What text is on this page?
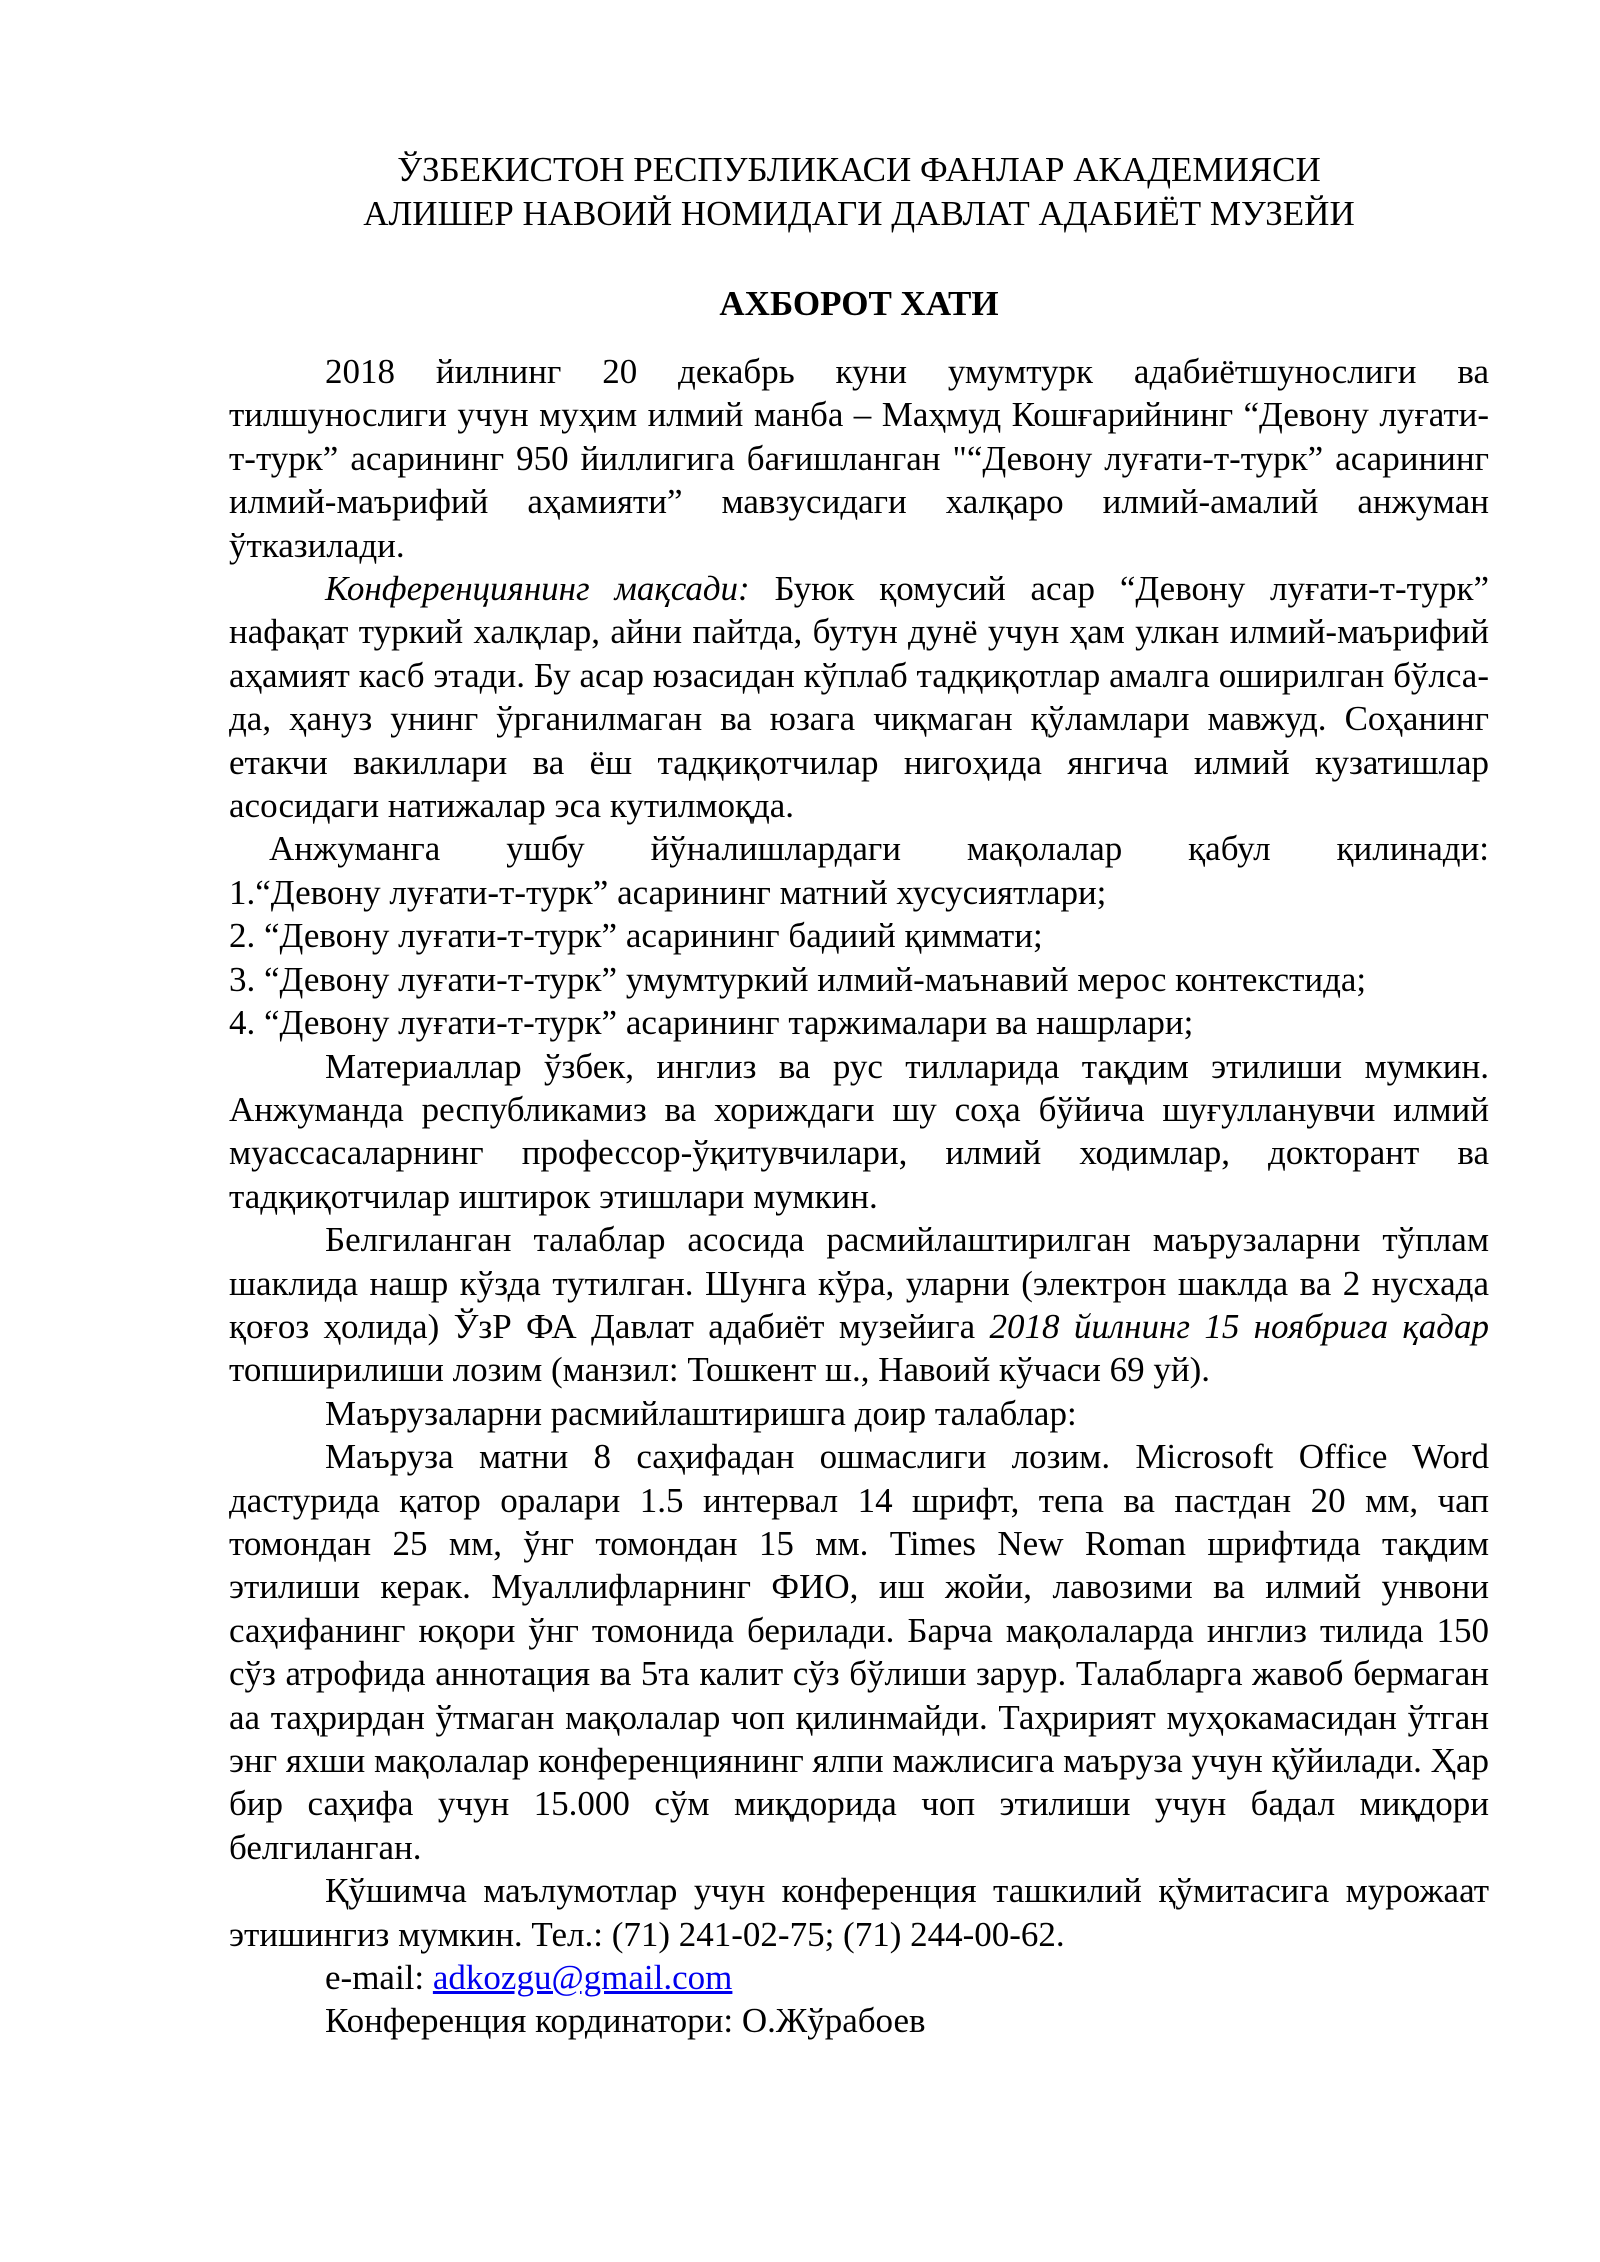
ЎЗБЕКИСТОН РЕСПУБЛИКАСИ ФАНЛАР АКАДЕМИЯСИ
АЛИШЕР НАВОИЙ НОМИДАГИ ДАВЛАТ АДАБИЁТ МУЗЕЙИ
АХБОРОТ ХАТИ

2018 йилнинг 20 декабрь куни умумтурк адабиётшунослиги ва тилшунослиги учун муҳим илмий манба – Маҳмуд Кошғарийнинг “Девону луғати-т-турк” асарининг 950 йиллигига бағишланган "“Девону луғати-т-турк” асарининг илмий-маърифий аҳамияти” мавзусидаги халқаро илмий-амалий анжуман ўтказилади.

Конференциянинг мақсади: Буюк қомусий асар “Девону луғати-т-турк” нафақат туркий халқлар, айни пайтда, бутун дунё учун ҳам улкан илмий-маърифий аҳамият касб этади. Бу асар юзасидан кўплаб тадқиқотлар амалга оширилган бўлса-да, ҳануз унинг ўрганилмаган ва юзага чиқмаган қўламлари мавжуд. Соҳанинг етакчи вакиллари ва ёш тадқиқотчилар нигоҳида янгича илмий кузатишлар асосидаги натижалар эса кутилмоқда.

Анжуманга ушбу йўналишлардаги мақолалар қабул қилинади:

1.“Девону луғати-т-турк” асарининг матний хусусиятлари;
2. “Девону луғати-т-турк” асарининг бадиий қиммати;
3. “Девону луғати-т-турк” умумтуркий илмий-маънавий мерос контекстида;
4. “Девону луғати-т-турк” асарининг таржималари ва нашрлари;

Материаллар ўзбек, инглиз ва рус тилларида тақдим этилиши мумкин. Анжуманда республикамиз ва хориждаги шу соҳа бўйича шуғулланувчи илмий муассасаларнинг профессор-ўқитувчилари, илмий ходимлар, докторант ва тадқиқотчилар иштирок этишлари мумкин.

Белгиланган талаблар асосида расмийлаштирилган маърузаларни тўплам шаклида нашр кўзда тутилган. Шунга кўра, уларни (электрон шаклда ва 2 нусхада қоғоз ҳолида) ЎзР ФА Давлат адабиёт музейига 2018 йилнинг 15 ноябрига қадар топширилиши лозим (манзил: Тошкент ш., Навоий кўчаси 69 уй).

Маърузаларни расмийлаштиришга доир талаблар:

Маъруза матни 8 саҳифадан ошмаслиги лозим. Microsoft Office Word дастурида қатор оралари 1.5 интервал 14 шрифт, тепа ва пастдан 20 мм, чап томондан 25 мм, ўнг томондан 15 мм. Times New Roman шрифтида тақдим этилиши керак. Муаллифларнинг ФИО, иш жойи, лавозими ва илмий унвони саҳифанинг юқори ўнг томонида берилади. Барча мақолаларда инглиз тилида 150 сўз атрофида аннотация ва 5та калит сўз бўлиши зарур. Талабларга жавоб бермаган аа таҳрирдан ўтмаган мақолалар чоп қилинмайди. Таҳририят муҳокамасидан ўтган энг яхши мақолалар конференциянинг ялпи мажлисига маъруза учун қўйилади. Ҳар бир саҳифа учун 15.000 сўм миқдорида чоп этилиши учун бадал миқдори белгиланган.

Қўшимча маълумотлар учун конференция ташкилий қўмитасига мурожаат этишингиз мумкин. Тел.: (71) 241-02-75; (71) 244-00-62.

e-mail: adkozgu@gmail.com

Конференция кординатори: О.Жўрабоев
